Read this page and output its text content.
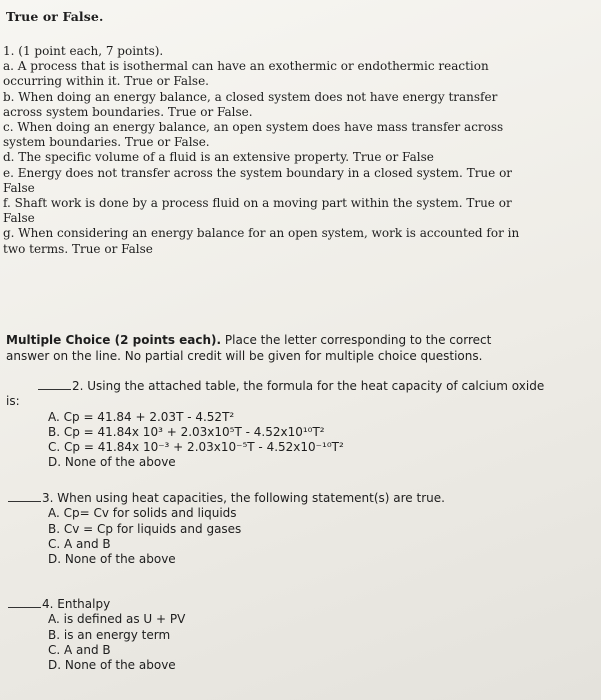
True or False.
1. (1 point each, 7 points).
a. A process that is isothermal can have an exothermic or endothermic reaction
occurring within it. True or False.
b. When doing an energy balance, a closed system does not have energy transfer
across system boundaries. True or False.
c. When doing an energy balance, an open system does have mass transfer across
system boundaries. True or False.
d. The specific volume of a fluid is an extensive property. True or False
e. Energy does not transfer across the system boundary in a closed system. True or
False
f. Shaft work is done by a process fluid on a moving part within the system. True or
False
g. When considering an energy balance for an open system, work is accounted for in
two terms. True or False
Multiple Choice (2 points each). Place the letter corresponding to the correct
answer on the line. No partial credit will be given for multiple choice questions.
2. Using the attached table, the formula for the heat capacity of calcium oxide
is:
A. Cp = 41.84 + 2.03T - 4.52T²
B. Cp = 41.84x 10³ + 2.03x10⁵T - 4.52x10¹⁰T²
C. Cp = 41.84x 10⁻³ + 2.03x10⁻⁵T - 4.52x10⁻¹⁰T²
D. None of the above
3. When using heat capacities, the following statement(s) are true.
A. Cp= Cv for solids and liquids
B. Cv = Cp for liquids and gases
C. A and B
D. None of the above
4. Enthalpy
A. is defined as U + PV
B. is an energy term
C. A and B
D. None of the above
